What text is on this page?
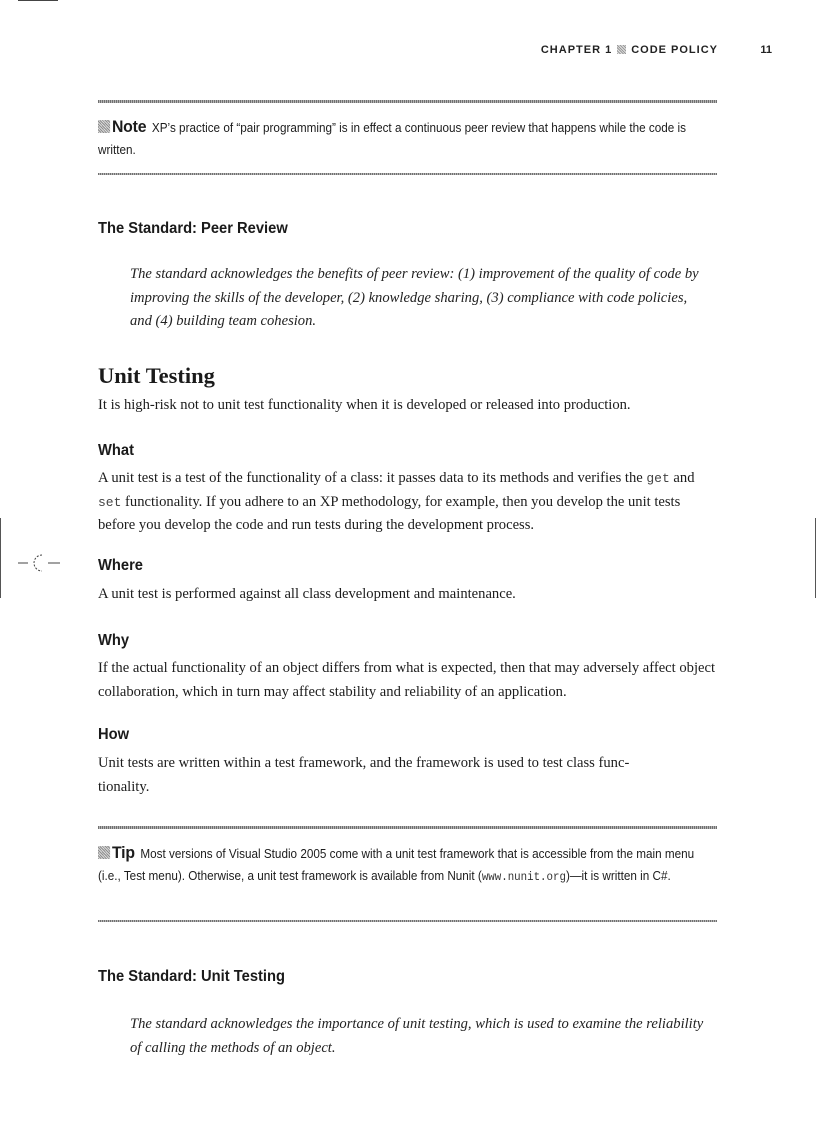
CHAPTER 1 CODE POLICY	11
Note XP’s practice of “pair programming” is in effect a continuous peer review that happens while the code is written.
The Standard: Peer Review
The standard acknowledges the benefits of peer review: (1) improvement of the quality of code by improving the skills of the developer, (2) knowledge sharing, (3) compliance with code policies, and (4) building team cohesion.
Unit Testing
It is high-risk not to unit test functionality when it is developed or released into production.
What
A unit test is a test of the functionality of a class: it passes data to its methods and verifies the get and set functionality. If you adhere to an XP methodology, for example, then you develop the unit tests before you develop the code and run tests during the development process.
Where
A unit test is performed against all class development and maintenance.
Why
If the actual functionality of an object differs from what is expected, then that may adversely affect object collaboration, which in turn may affect stability and reliability of an application.
How
Unit tests are written within a test framework, and the framework is used to test class func-
tionality.
Tip Most versions of Visual Studio 2005 come with a unit test framework that is accessible from the main menu (i.e., Test menu). Otherwise, a unit test framework is available from Nunit (www.nunit.org)—it is written in C#.
The Standard: Unit Testing
The standard acknowledges the importance of unit testing, which is used to examine the reliability of calling the methods of an object.
